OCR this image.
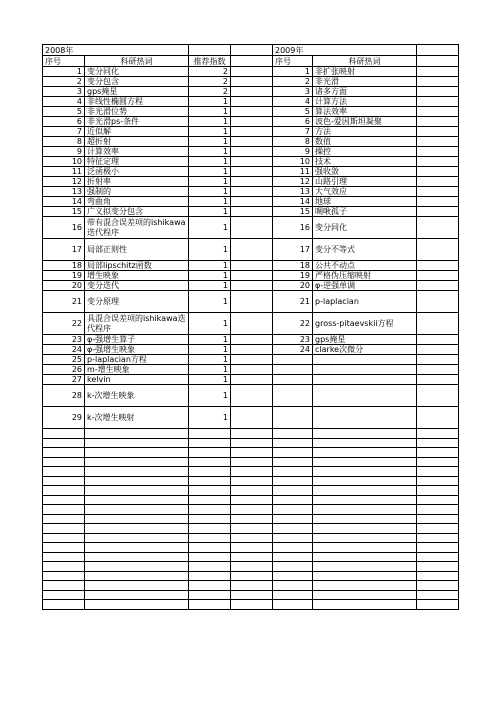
2008年				2009年		
序号	科研热词	推荐指数		序号	科研热词	
1	变分同化	2		1	非扩张映射	
2	变分包含	2		2	非光滑	
3	gps掩星	2		3	诸多方面	
4	非线性椭圆方程	1		4	计算方法	
5	非光滑位势	1		5	算法效率	
6	非光滑ps-条件	1		6	波色-爱因斯坦凝聚	
7	近似解	1		7	方法	
8	超折射	1		8	数值	
9	计算效率	1		9	操控	
10	特征定理	1		10	技术	
11	泛函极小	1		11	强收敛	
12	折射率	1		12	山路引理	
13	强制的	1		13	大气效应	
14	弯曲角	1		14	地球	
15	广义拟变分包含	1		15	啁啾孤子	
16	带有混合误差项的ishikawa迭代程序	1		16	变分同化	
17	局部正则性	1		17	变分不等式	
18	局部lipschitz函数	1		18	公共不动点	
19	增生映象	1		19	严格伪压缩映射	
20	变分迭代	1		20	φ-逆强单调	
21	变分原理	1		21	p-laplacian	
22	具混合误差项的ishikawa迭代程序	1		22	gross-pitaevskii方程	
23	φ-强增生算子	1		23	gps掩星	
24	φ-强增生映象	1		24	clarke次微分	
25	p-laplacian方程	1				
26	m-增生映象	1				
27	kelvin	1				
28	k-次增生映象	1				
29	k-次增生映射	1				
